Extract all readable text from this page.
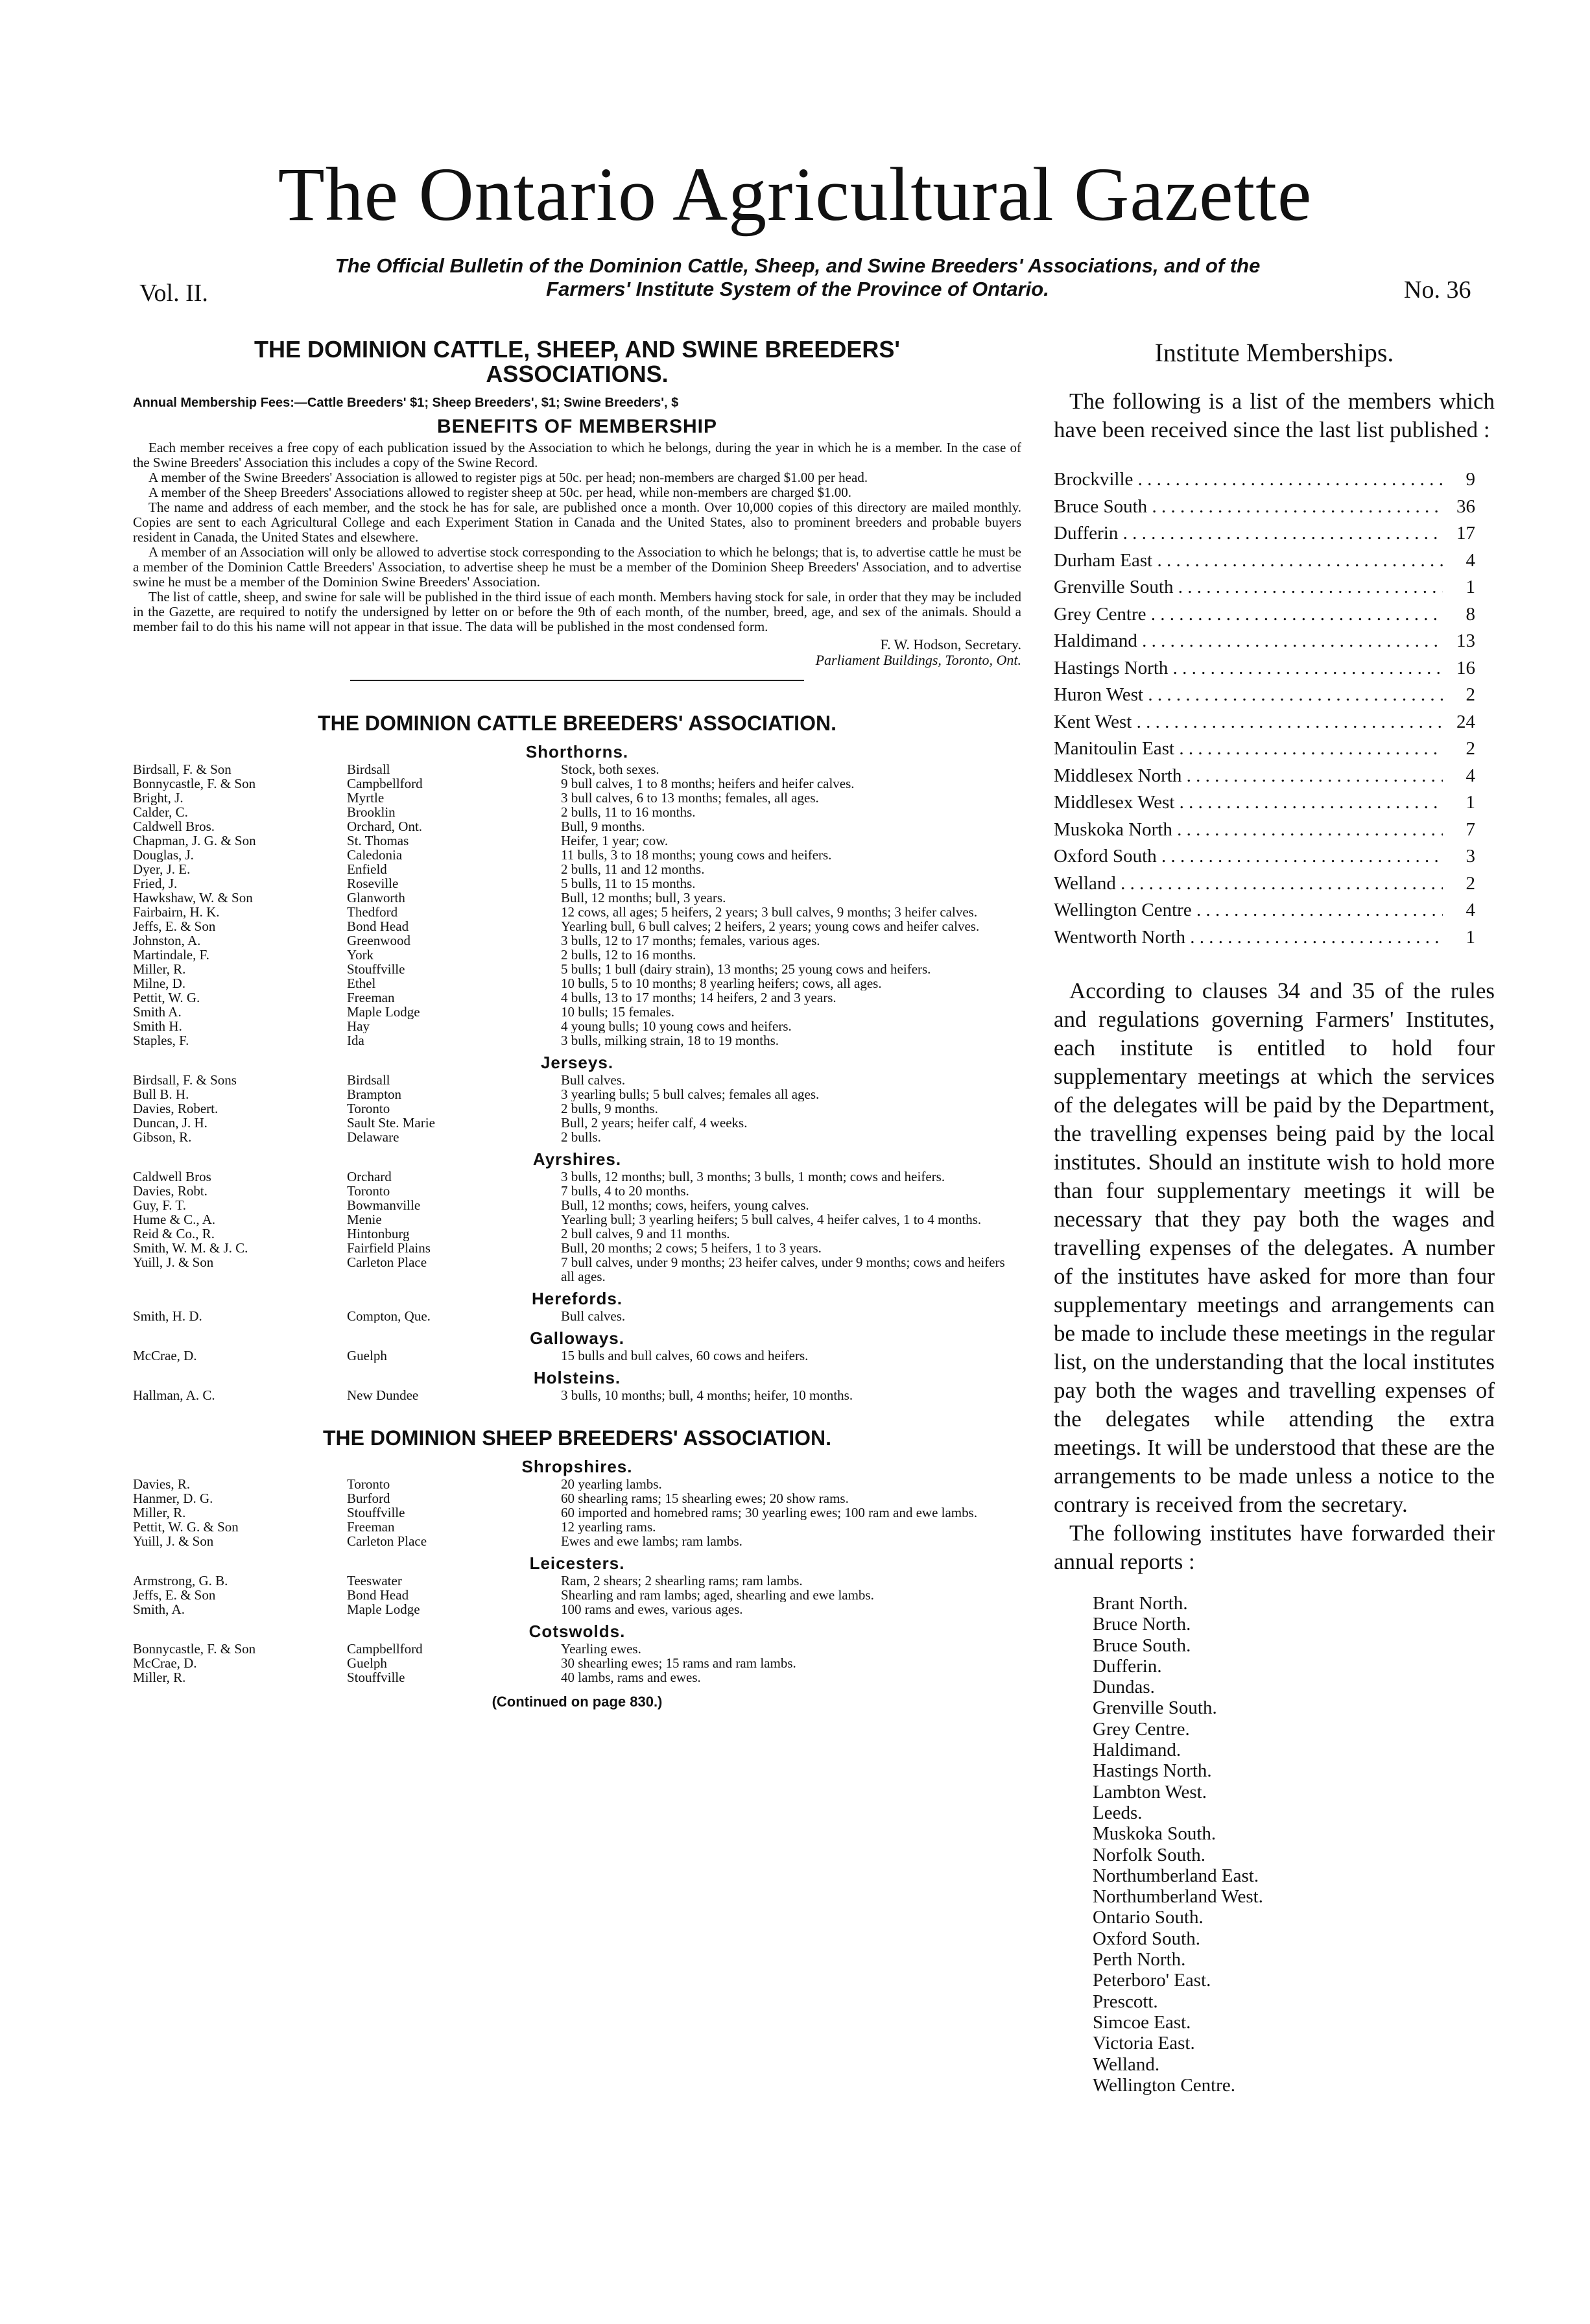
The Ontario Agricultural Gazette
Vol. II.
The Official Bulletin of the Dominion Cattle, Sheep, and Swine Breeders' Associations, and of the
Farmers' Institute System of the Province of Ontario.	No. 36
THE DOMINION CATTLE, SHEEP, AND SWINE BREEDERS'
ASSOCIATIONS.
Annual Membership Fees:—Cattle Breeders' $1; Sheep Breeders', $1; Swine Breeders', $
BENEFITS OF MEMBERSHIP

Each member receives a free copy of each publication issued by the Association to which he belongs, during the year in which he is a member. In the case of the Swine Breeders' Association this includes a copy of the Swine Record.

A member of the Swine Breeders' Association is allowed to register pigs at 50c. per head; non-members are charged $1.00 per head.

A member of the Sheep Breeders' Associations allowed to register sheep at 50c. per head, while non-members are charged $1.00.

The name and address of each member, and the stock he has for sale, are published once a month. Over 10,000 copies of this directory are mailed monthly. Copies are sent to each Agricultural College and each Experiment Station in Canada and the United States, also to prominent breeders and probable buyers resident in Canada, the United States and elsewhere.

A member of an Association will only be allowed to advertise stock corresponding to the Association to which he belongs; that is, to advertise cattle he must be a member of the Dominion Cattle Breeders' Association, to advertise sheep he must be a member of the Dominion Sheep Breeders' Association, and to advertise swine he must be a member of the Dominion Swine Breeders' Association.

The list of cattle, sheep, and swine for sale will be published in the third issue of each month. Members having stock for sale, in order that they may be included in the Gazette, are required to notify the undersigned by letter on or before the 9th of each month, of the number, breed, age, and sex of the animals. Should a member fail to do this his name will not appear in that issue. The data will be published in the most condensed form.

F. W. Hodson, Secretary.
Parliament Buildings, Toronto, Ont.
THE DOMINION CATTLE BREEDERS' ASSOCIATION.
Shorthorns.
Birdsall, F. & Son	Birdsall	Stock, both sexes.
Bonnycastle, F. & Son	Campbellford	9 bull calves, 1 to 8 months; heifers and heifer calves.
Bright, J.	Myrtle	3 bull calves, 6 to 13 months; females, all ages.
Calder, C.	Brooklin	2 bulls, 11 to 16 months.
Caldwell Bros.	Orchard, Ont.	Bull, 9 months.
Chapman, J. G. & Son	St. Thomas	Heifer, 1 year; cow.
Douglas, J.	Caledonia	11 bulls, 3 to 18 months; young cows and heifers.
Dyer, J. E.	Enfield	2 bulls, 11 and 12 months.
Fried, J.	Roseville	5 bulls, 11 to 15 months.
Hawkshaw, W. & Son	Glanworth	Bull, 12 months; bull, 3 years.
Fairbairn, H. K.	Thedford	12 cows, all ages; 5 heifers, 2 years; 3 bull calves, 9 months; 3 heifer calves.
Jeffs, E. & Son	Bond Head	Yearling bull, 6 bull calves; 2 heifers, 2 years; young cows and heifer calves.
Johnston, A.	Greenwood	3 bulls, 12 to 17 months; females, various ages.
Martindale, F.	York	2 bulls, 12 to 16 months.
Miller, R.	Stouffville	5 bulls; 1 bull (dairy strain), 13 months; 25 young cows and heifers.
Milne, D.	Ethel	10 bulls, 5 to 10 months; 8 yearling heifers; cows, all ages.
Pettit, W. G.	Freeman	4 bulls, 13 to 17 months; 14 heifers, 2 and 3 years.
Smith A.	Maple Lodge	10 bulls; 15 females.
Smith H.	Hay	4 young bulls; 10 young cows and heifers.
Staples, F.	Ida	3 bulls, milking strain, 18 to 19 months.
Jerseys.
Birdsall, F. & Sons	Birdsall	Bull calves.
Bull B. H.	Brampton	3 yearling bulls; 5 bull calves; females all ages.
Davies, Robert.	Toronto	2 bulls, 9 months.
Duncan, J. H.	Sault Ste. Marie	Bull, 2 years; heifer calf, 4 weeks.
Gibson, R.	Delaware	2 bulls.
Ayrshires.
Caldwell Bros	Orchard	3 bulls, 12 months; bull, 3 months; 3 bulls, 1 month; cows and heifers.
Davies, Robt.	Toronto	7 bulls, 4 to 20 months.
Guy, F. T.	Bowmanville	Bull, 12 months; cows, heifers, young calves.
Hume & C., A.	Menie	Yearling bull; 3 yearling heifers; 5 bull calves, 4 heifer calves, 1 to 4 months.
Reid & Co., R.	Hintonburg	2 bull calves, 9 and 11 months.
Smith, W. M. & J. C.	Fairfield Plains	Bull, 20 months; 2 cows; 5 heifers, 1 to 3 years.
Yuill, J. & Son	Carleton Place	7 bull calves, under 9 months; 23 heifer calves, under 9 months; cows and heifers all ages.
Herefords.
Smith, H. D.	Compton, Que.	Bull calves.
Galloways.
McCrae, D.	Guelph	15 bulls and bull calves, 60 cows and heifers.
Holsteins.
Hallman, A. C.	New Dundee	3 bulls, 10 months; bull, 4 months; heifer, 10 months.
THE DOMINION SHEEP BREEDERS' ASSOCIATION.
Shropshires.
Davies, R.	Toronto	20 yearling lambs.
Hanmer, D. G.	Burford	60 shearling rams; 15 shearling ewes; 20 show rams.
Miller, R.	Stouffville	60 imported and homebred rams; 30 yearling ewes; 100 ram and ewe lambs.
Pettit, W. G. & Son	Freeman	12 yearling rams.
Yuill, J. & Son	Carleton Place	Ewes and ewe lambs; ram lambs.
Leicesters.
Armstrong, G. B.	Teeswater	Ram, 2 shears; 2 shearling rams; ram lambs.
Jeffs, E. & Son	Bond Head	Shearling and ram lambs; aged, shearling and ewe lambs.
Smith, A.	Maple Lodge	100 rams and ewes, various ages.
Cotswolds.
Bonnycastle, F. & Son	Campbellford	Yearling ewes.
McCrae, D.	Guelph	30 shearling ewes; 15 rams and ram lambs.
Miller, R.	Stouffville	40 lambs, rams and ewes.
(Continued on page 830.)
Institute Memberships.
The following is a list of the members which have been received since the last list published :
Brockville . . .	9
Bruce South . . .	36
Dufferin . . .	17
Durham East . . .	4
Grenville South . . .	1
Grey Centre . . .	8
Haldimand . . .	13
Hastings North . . .	16
Huron West . . .	2
Kent West . . .	24
Manitoulin East . . .	2
Middlesex North . . .	4
Middlesex West . . .	1
Muskoka North . . .	7
Oxford South . . .	3
Welland . . .	2
Wellington Centre . . .	4
Wentworth North . . .	1
According to clauses 34 and 35 of the rules and regulations governing Farmers' Institutes, each institute is entitled to hold four supplementary meetings at which the services of the delegates will be paid by the Department, the travelling expenses being paid by the local institutes. Should an institute wish to hold more than four supplementary meetings it will be necessary that they pay both the wages and travelling expenses of the delegates. A number of the institutes have asked for more than four supplementary meetings and arrangements can be made to include these meetings in the regular list, on the understanding that the local institutes pay both the wages and travelling expenses of the delegates while attending the extra meetings. It will be understood that these are the arrangements to be made unless a notice to the contrary is received from the secretary.
The following institutes have forwarded their annual reports :
Brant North.
Bruce North.
Bruce South.
Dufferin.
Dundas.
Grenville South.
Grey Centre.
Haldimand.
Hastings North.
Lambton West.
Leeds.
Muskoka South.
Norfolk South.
Northumberland East.
Northumberland West.
Ontario South.
Oxford South.
Perth North.
Peterboro' East.
Prescott.
Simcoe East.
Victoria East.
Welland.
Wellington Centre.
